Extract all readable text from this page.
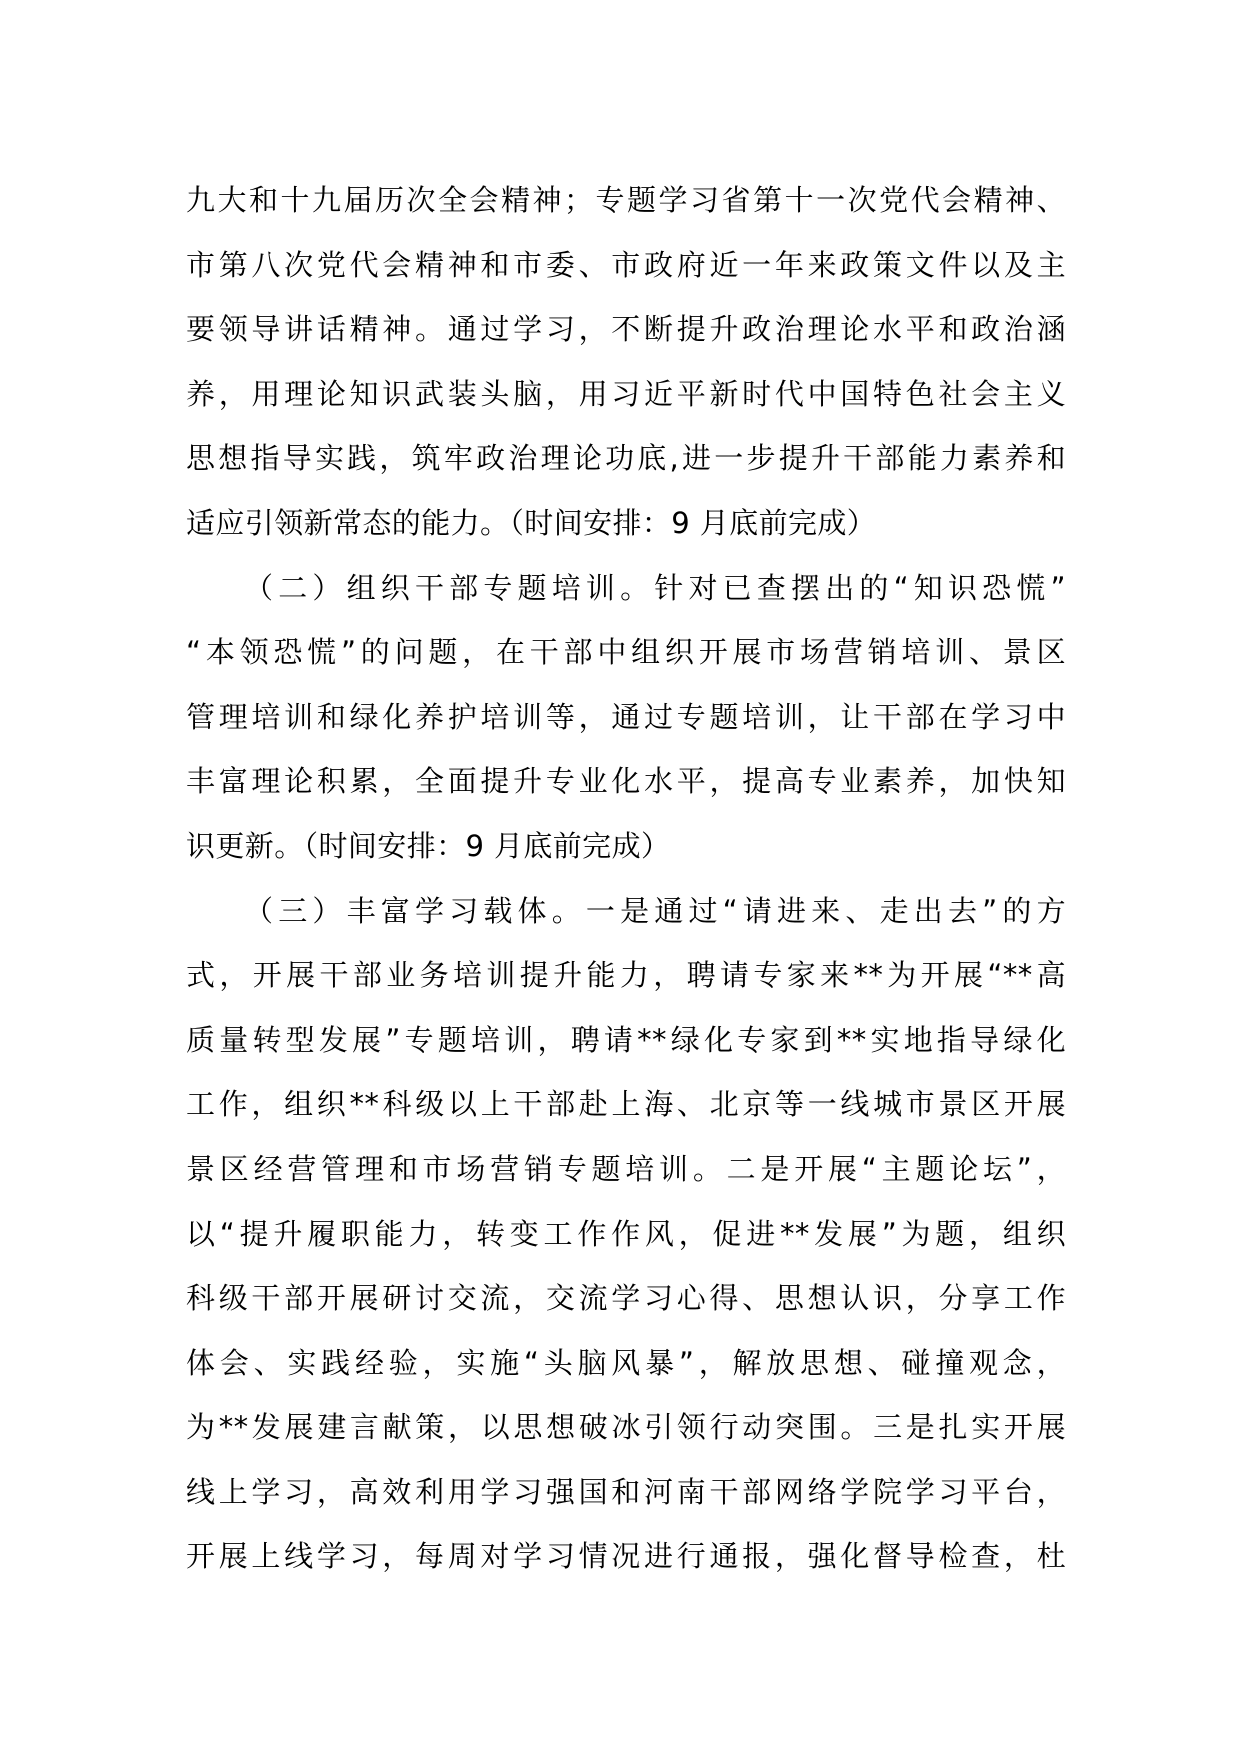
九大和十九届历次全会精神；专题学习省第十一次党代会精神、
市第八次党代会精神和市委、市政府近一年来政策文件以及主
要领导讲话精神。通过学习，不断提升政治理论水平和政治涵
养，用理论知识武装头脑，用习近平新时代中国特色社会主义
思想指导实践，筑牢政治理论功底,进一步提升干部能力素养和
适应引领新常态的能力。（时间安排：9 月底前完成）
（二）组织干部专题培训。针对已查摆出的“知识恐慌”
“本领恐慌”的问题，在干部中组织开展市场营销培训、景区
管理培训和绿化养护培训等，通过专题培训，让干部在学习中
丰富理论积累，全面提升专业化水平，提高专业素养，加快知
识更新。（时间安排：9 月底前完成）
（三）丰富学习载体。一是通过“请进来、走出去”的方
式，开展干部业务培训提升能力，聘请专家来**为开展“**高
质量转型发展”专题培训，聘请**绿化专家到**实地指导绿化
工作，组织**科级以上干部赴上海、北京等一线城市景区开展
景区经营管理和市场营销专题培训。二是开展“主题论坛”，
以“提升履职能力，转变工作作风，促进**发展”为题，组织
科级干部开展研讨交流，交流学习心得、思想认识，分享工作
体会、实践经验，实施“头脑风暴”，解放思想、碰撞观念，
为**发展建言献策，以思想破冰引领行动突围。三是扎实开展
线上学习，高效利用学习强国和河南干部网络学院学习平台，
开展上线学习，每周对学习情况进行通报，强化督导检查，杜
